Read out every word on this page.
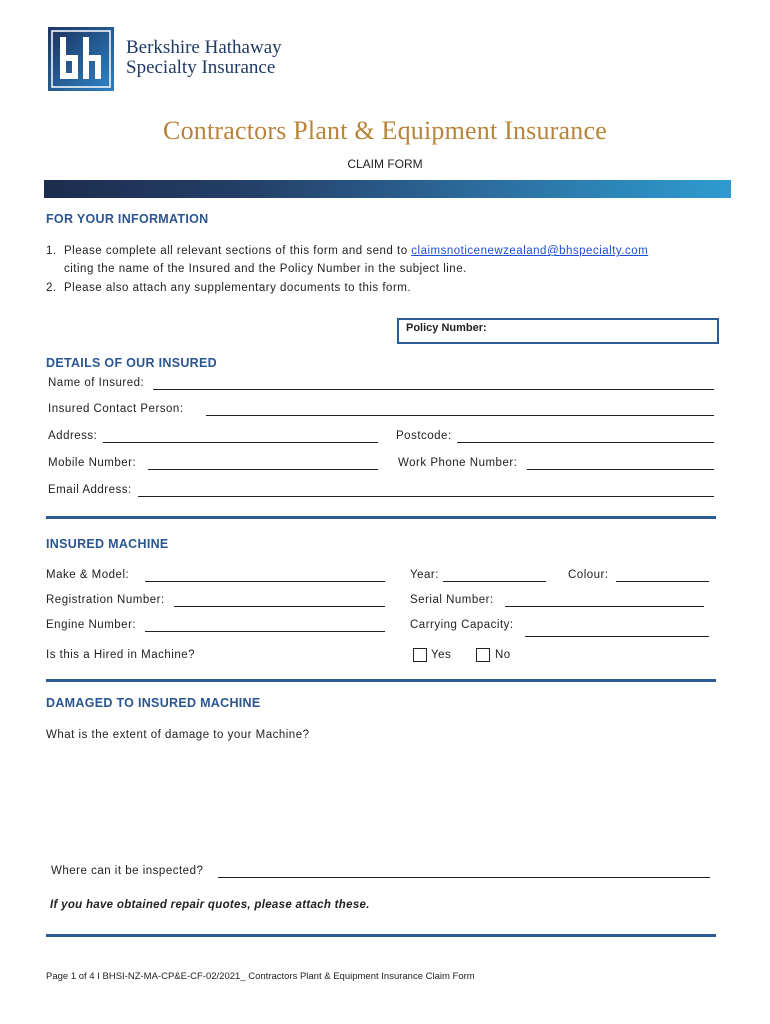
Berkshire Hathaway
Specialty Insurance
Contractors Plant & Equipment Insurance
CLAIM FORM
FOR YOUR INFORMATION
1. Please complete all relevant sections of this form and send to claimsnoticenewzealand@bhspecialty.com
citing the name of the Insured and the Policy Number in the subject line.
2. Please also attach any supplementary documents to this form.
Policy Number:
DETAILS OF OUR INSURED
Name of Insured:
Insured Contact Person:
Address:	Postcode:
Mobile Number:	Work Phone Number:
Email Address:
INSURED MACHINE
Make & Model:	Year:	Colour:
Registration Number:	Serial Number:
Engine Number:	Carrying Capacity:
Is this a Hired in Machine?	Yes	No
DAMAGED TO INSURED MACHINE
What is the extent of damage to your Machine?
Where can it be inspected?
If you have obtained repair quotes, please attach these.
Page 1 of 4 I BHSI-NZ-MA-CP&E-CF-02/2021_ Contractors Plant & Equipment Insurance Claim Form
